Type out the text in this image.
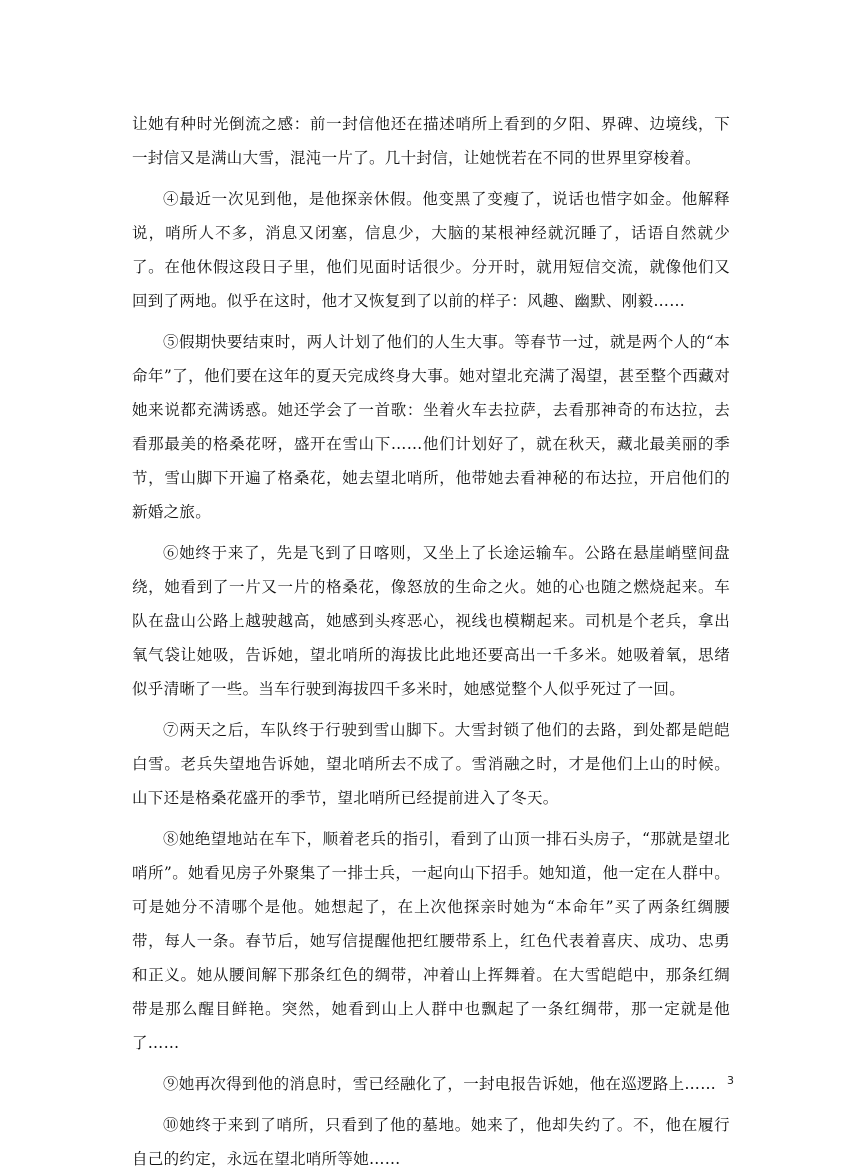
让她有种时光倒流之感：前一封信他还在描述哨所上看到的夕阳、界碑、边境线，下一封信又是满山大雪，混沌一片了。几十封信，让她恍若在不同的世界里穿梭着。

④最近一次见到他，是他探亲休假。他变黑了变瘦了，说话也惜字如金。他解释说，哨所人不多，消息又闭塞，信息少，大脑的某根神经就沉睡了，话语自然就少了。在他休假这段日子里，他们见面时话很少。分开时，就用短信交流，就像他们又回到了两地。似乎在这时，他才又恢复到了以前的样子：风趣、幽默、刚毅……

⑤假期快要结束时，两人计划了他们的人生大事。等春节一过，就是两个人的“本命年”了，他们要在这年的夏天完成终身大事。她对望北充满了渴望，甚至整个西藏对她来说都充满诱惑。她还学会了一首歌：坐着火车去拉萨，去看那神奇的布达拉，去看那最美的格桑花呀，盛开在雪山下……他们计划好了，就在秋天，藏北最美丽的季节，雪山脚下开遍了格桑花，她去望北哨所，他带她去看神秘的布达拉，开启他们的新婚之旅。

⑥她终于来了，先是飞到了日喀则，又坐上了长途运输车。公路在悬崖峭壁间盘绕，她看到了一片又一片的格桑花，像怒放的生命之火。她的心也随之燃烧起来。车队在盘山公路上越驶越高，她感到头疼恶心，视线也模糊起来。司机是个老兵，拿出氧气袋让她吸，告诉她，望北哨所的海拔比此地还要高出一千多米。她吸着氧，思绪似乎清晰了一些。当车行驶到海拔四千多米时，她感觉整个人似乎死过了一回。

⑦两天之后，车队终于行驶到雪山脚下。大雪封锁了他们的去路，到处都是皑皑白雪。老兵失望地告诉她，望北哨所去不成了。雪消融之时，才是他们上山的时候。山下还是格桑花盛开的季节，望北哨所已经提前进入了冬天。

⑧她绝望地站在车下，顺着老兵的指引，看到了山顶一排石头房子，“那就是望北哨所”。她看见房子外聚集了一排士兵，一起向山下招手。她知道，他一定在人群中。可是她分不清哪个是他。她想起了，在上次他探亲时她为“本命年”买了两条红绸腰带，每人一条。春节后，她写信提醒他把红腰带系上，红色代表着喜庆、成功、忠勇和正义。她从腰间解下那条红色的绸带，冲着山上挥舞着。在大雪皑皑中，那条红绸带是那么醒目鲜艳。突然，她看到山上人群中也飘起了一条红绸带，那一定就是他了……

⑨她再次得到他的消息时，雪已经融化了，一封电报告诉她，他在巡逻路上……

⑩她终于来到了哨所，只看到了他的墓地。她来了，他却失约了。不，他在履行自己的约定，永远在望北哨所等她……

3
